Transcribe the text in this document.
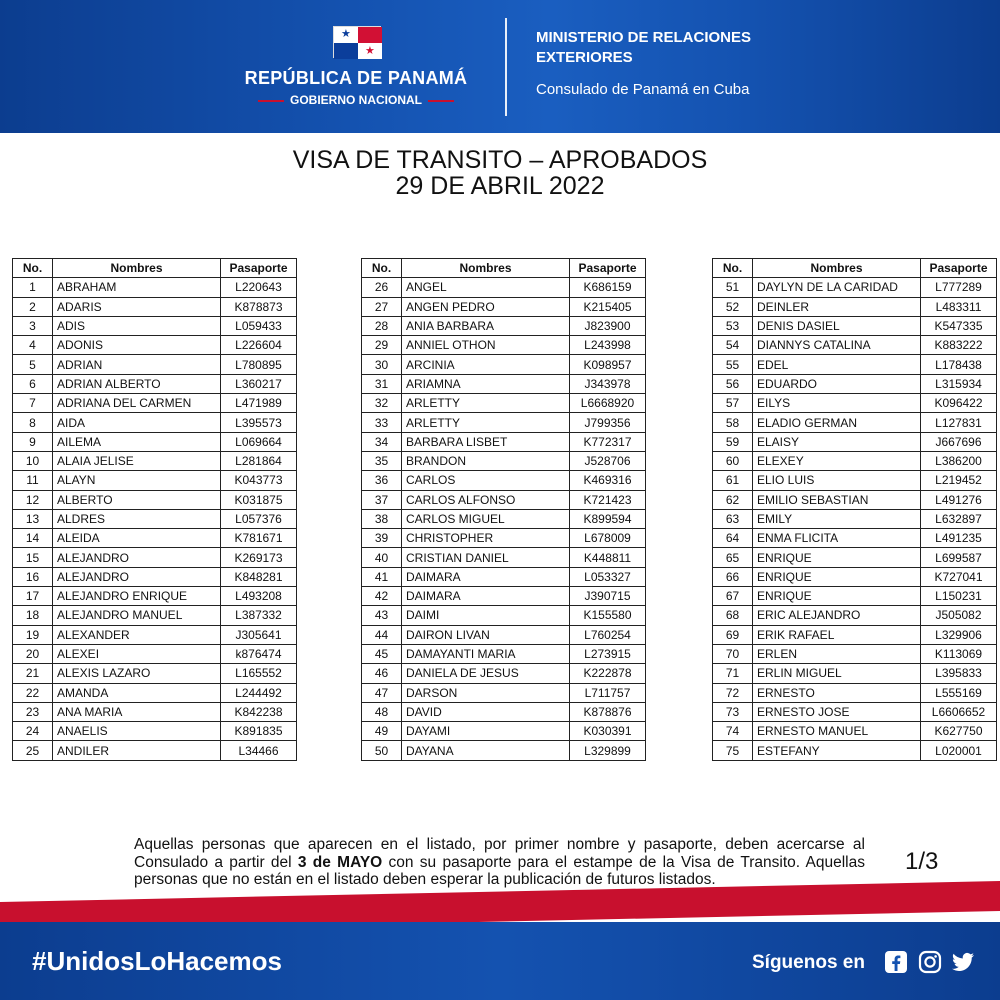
★
★
REPÚBLICA DE PANAMÁ
GOBIERNO NACIONAL
MINISTERIO DE RELACIONES EXTERIORES
Consulado de Panamá en Cuba
VISA DE TRANSITO – APROBADOS
29 DE ABRIL 2022
No.	Nombres	Pasaporte
1	ABRAHAM	L220643
2	ADARIS	K878873
3	ADIS	L059433
4	ADONIS	L226604
5	ADRIAN	L780895
6	ADRIAN ALBERTO	L360217
7	ADRIANA DEL CARMEN	L471989
8	AIDA	L395573
9	AILEMA	L069664
10	ALAIA JELISE	L281864
11	ALAYN	K043773
12	ALBERTO	K031875
13	ALDRES	L057376
14	ALEIDA	K781671
15	ALEJANDRO	K269173
16	ALEJANDRO	K848281
17	ALEJANDRO ENRIQUE	L493208
18	ALEJANDRO MANUEL	L387332
19	ALEXANDER	J305641
20	ALEXEI	k876474
21	ALEXIS LAZARO	L165552
22	AMANDA	L244492
23	ANA MARIA	K842238
24	ANAELIS	K891835
25	ANDILER	L34466
No.	Nombres	Pasaporte
26	ANGEL	K686159
27	ANGEN PEDRO	K215405
28	ANIA BARBARA	J823900
29	ANNIEL OTHON	L243998
30	ARCINIA	K098957
31	ARIAMNA	J343978
32	ARLETTY	L6668920
33	ARLETTY	J799356
34	BARBARA LISBET	K772317
35	BRANDON	J528706
36	CARLOS	K469316
37	CARLOS ALFONSO	K721423
38	CARLOS MIGUEL	K899594
39	CHRISTOPHER	L678009
40	CRISTIAN DANIEL	K448811
41	DAIMARA	L053327
42	DAIMARA	J390715
43	DAIMI	K155580
44	DAIRON LIVAN	L760254
45	DAMAYANTI MARIA	L273915
46	DANIELA DE JESUS	K222878
47	DARSON	L711757
48	DAVID	K878876
49	DAYAMI	K030391
50	DAYANA	L329899
No.	Nombres	Pasaporte
51	DAYLYN DE LA CARIDAD	L777289
52	DEINLER	L483311
53	DENIS DASIEL	K547335
54	DIANNYS CATALINA	K883222
55	EDEL	L178438
56	EDUARDO	L315934
57	EILYS	K096422
58	ELADIO GERMAN	L127831
59	ELAISY	J667696
60	ELEXEY	L386200
61	ELIO LUIS	L219452
62	EMILIO SEBASTIAN	L491276
63	EMILY	L632897
64	ENMA FLICITA	L491235
65	ENRIQUE	L699587
66	ENRIQUE	K727041
67	ENRIQUE	L150231
68	ERIC ALEJANDRO	J505082
69	ERIK RAFAEL	L329906
70	ERLEN	K113069
71	ERLIN MIGUEL	L395833
72	ERNESTO	L555169
73	ERNESTO JOSE	L6606652
74	ERNESTO MANUEL	K627750
75	ESTEFANY	L020001
Aquellas personas que aparecen en el listado, por primer nombre y pasaporte, deben acercarse al Consulado a partir del 3 de MAYO con su pasaporte para el estampe de la Visa de Transito. Aquellas personas que no están en el listado deben esperar la publicación de futuros listados.
1/3
#UnidosLoHacemos	Síguenos en
